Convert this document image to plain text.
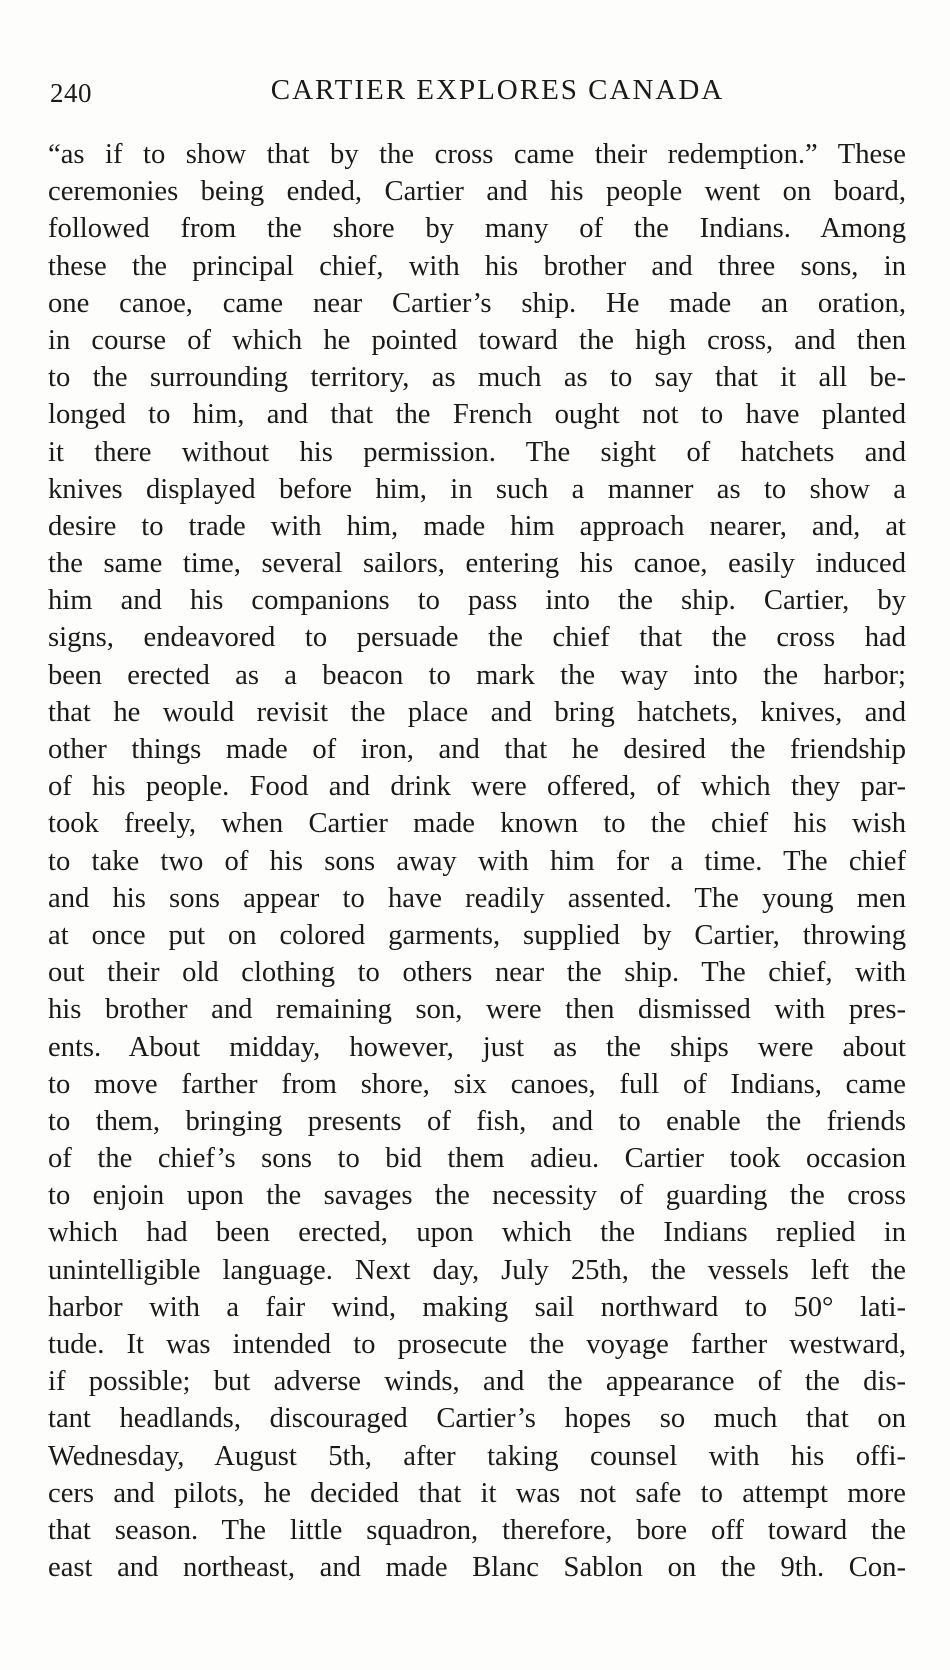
240	CARTIER EXPLORES CANADA
“as if to show that by the cross came their redemption.” These
ceremonies being ended, Cartier and his people went on board,
followed from the shore by many of the Indians. Among
these the principal chief, with his brother and three sons, in
one canoe, came near Cartier’s ship. He made an oration,
in course of which he pointed toward the high cross, and then
to the surrounding territory, as much as to say that it all be-
longed to him, and that the French ought not to have planted
it there without his permission. The sight of hatchets and
knives displayed before him, in such a manner as to show a
desire to trade with him, made him approach nearer, and, at
the same time, several sailors, entering his canoe, easily induced
him and his companions to pass into the ship. Cartier, by
signs, endeavored to persuade the chief that the cross had
been erected as a beacon to mark the way into the harbor;
that he would revisit the place and bring hatchets, knives, and
other things made of iron, and that he desired the friendship
of his people. Food and drink were offered, of which they par-
took freely, when Cartier made known to the chief his wish
to take two of his sons away with him for a time. The chief
and his sons appear to have readily assented. The young men
at once put on colored garments, supplied by Cartier, throwing
out their old clothing to others near the ship. The chief, with
his brother and remaining son, were then dismissed with pres-
ents. About midday, however, just as the ships were about
to move farther from shore, six canoes, full of Indians, came
to them, bringing presents of fish, and to enable the friends
of the chief’s sons to bid them adieu. Cartier took occasion
to enjoin upon the savages the necessity of guarding the cross
which had been erected, upon which the Indians replied in
unintelligible language. Next day, July 25th, the vessels left the
harbor with a fair wind, making sail northward to 50° lati-
tude. It was intended to prosecute the voyage farther westward,
if possible; but adverse winds, and the appearance of the dis-
tant headlands, discouraged Cartier’s hopes so much that on
Wednesday, August 5th, after taking counsel with his offi-
cers and pilots, he decided that it was not safe to attempt more
that season. The little squadron, therefore, bore off toward the
east and northeast, and made Blanc Sablon on the 9th. Con-
